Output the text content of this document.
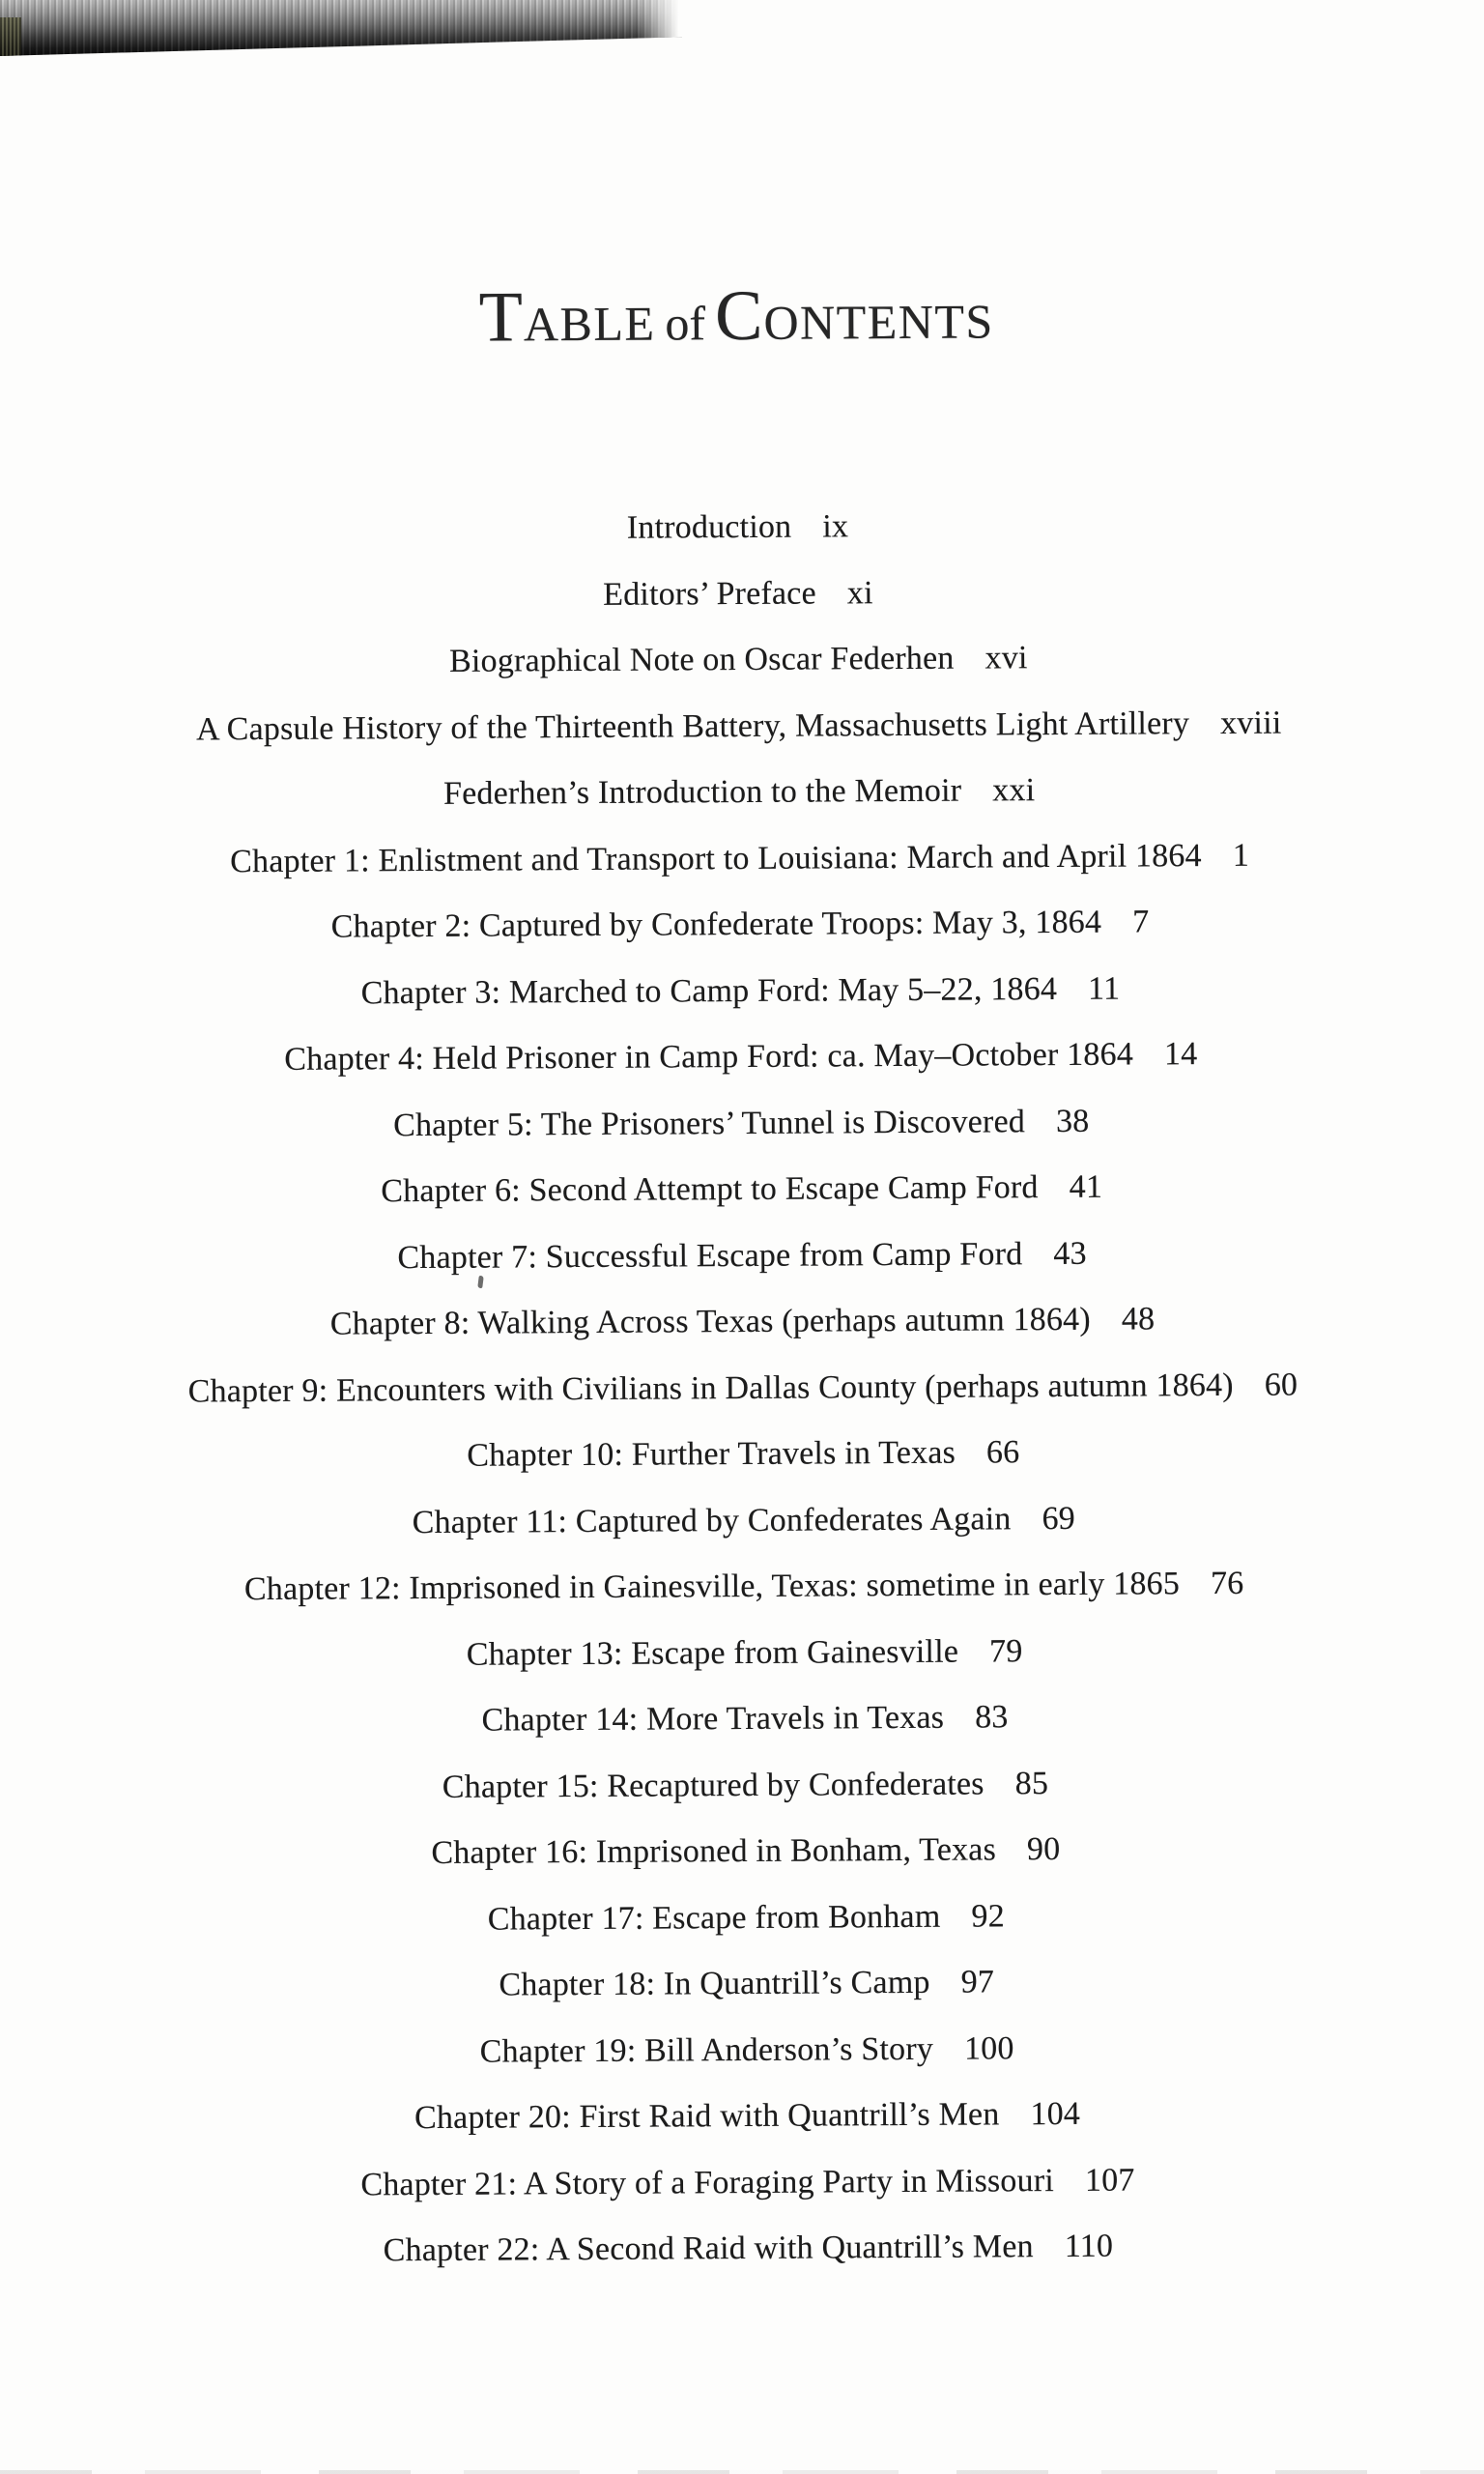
TABLE of CONTENTS
Introduction ix
Editors’ Preface xi
Biographical Note on Oscar Federhen xvi
A Capsule History of the Thirteenth Battery, Massachusetts Light Artillery xviii
Federhen’s Introduction to the Memoir xxi
Chapter 1: Enlistment and Transport to Louisiana: March and April 1864 1
Chapter 2: Captured by Confederate Troops: May 3, 1864 7
Chapter 3: Marched to Camp Ford: May 5–22, 1864 11
Chapter 4: Held Prisoner in Camp Ford: ca. May–October 1864 14
Chapter 5: The Prisoners’ Tunnel is Discovered 38
Chapter 6: Second Attempt to Escape Camp Ford 41
Chapter 7: Successful Escape from Camp Ford 43
Chapter 8: Walking Across Texas (perhaps autumn 1864) 48
Chapter 9: Encounters with Civilians in Dallas County (perhaps autumn 1864) 60
Chapter 10: Further Travels in Texas 66
Chapter 11: Captured by Confederates Again 69
Chapter 12: Imprisoned in Gainesville, Texas: sometime in early 1865 76
Chapter 13: Escape from Gainesville 79
Chapter 14: More Travels in Texas 83
Chapter 15: Recaptured by Confederates 85
Chapter 16: Imprisoned in Bonham, Texas 90
Chapter 17: Escape from Bonham 92
Chapter 18: In Quantrill’s Camp 97
Chapter 19: Bill Anderson’s Story 100
Chapter 20: First Raid with Quantrill’s Men 104
Chapter 21: A Story of a Foraging Party in Missouri 107
Chapter 22: A Second Raid with Quantrill’s Men 110
